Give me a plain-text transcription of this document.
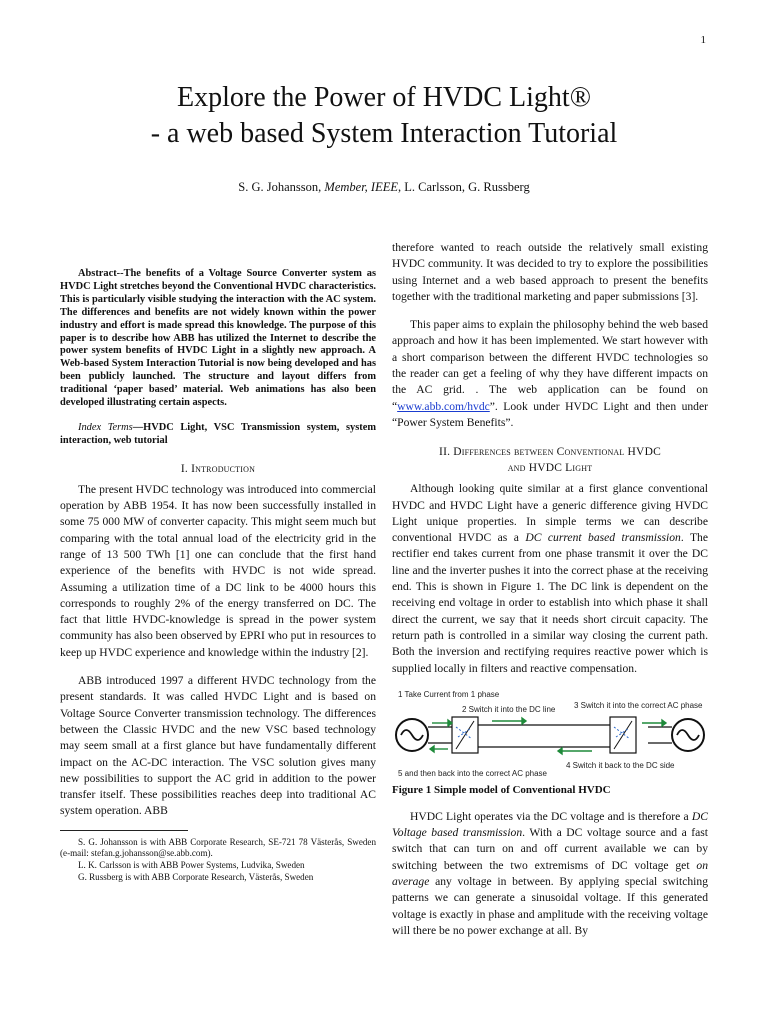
1
Explore the Power of HVDC Light®
- a web based System Interaction Tutorial
S. G. Johansson, Member, IEEE, L. Carlsson, G. Russberg

Abstract--The benefits of a Voltage Source Converter system as HVDC Light stretches beyond the Conventional HVDC characteristics. This is particularly visible studying the interaction with the AC system. The differences and benefits are not widely known within the power industry and effort is made spread this knowledge. The purpose of this paper is to describe how ABB has utilized the Internet to describe the power system benefits of HVDC Light in a slightly new approach. A Web-based System Interaction Tutorial is now being developed and has been publicly launched. The structure and layout differs from traditional ‘paper based’ material. Web animations has also been developed illustrating certain aspects.

Index Terms—HVDC Light, VSC Transmission system, system interaction, web tutorial

I. Introduction

The present HVDC technology was introduced into commercial operation by ABB 1954. It has now been successfully installed in some 75 000 MW of converter capacity. This might seem much but comparing with the total annual load of the electricity grid in the range of 13 500 TWh [1] one can conclude that the first hand experience of the benefits with HVDC is not wide spread. Assuming a utilization time of a DC link to be 4000 hours this corresponds to roughly 2% of the energy transferred on DC. The fact that little HVDC-knowledge is spread in the power system community has also been observed by EPRI who put in resources to keep up HVDC experience and knowledge within the industry [2].

ABB introduced 1997 a different HVDC technology from the present standards. It was called HVDC Light and is based on Voltage Source Converter transmission technology. The differences between the Classic HVDC and the new VSC based technology may seem small at a first glance but have fundamentally different impact on the AC-DC interaction. The VSC solution gives many new possibilities to support the AC grid in addition to the power transfer itself. These possibilities reaches deep into traditional AC system operation. ABB

S. G. Johansson is with ABB Corporate Research, SE-721 78 Västerås, Sweden (e-mail: stefan.g.johansson@se.abb.com).

L. K. Carlsson is with ABB Power Systems, Ludvika, Sweden

G. Russberg is with ABB Corporate Research, Västerås, Sweden

therefore wanted to reach outside the relatively small existing HVDC community. It was decided to try to explore the possibilities using Internet and a web based approach to present the benefits together with the traditional marketing and paper submissions [3].

This paper aims to explain the philosophy behind the web based approach and how it has been implemented. We start however with a short comparison between the different HVDC technologies so the reader can get a feeling of why they have different impacts on the AC grid. . The web application can be found on “www.abb.com/hvdc”. Look under HVDC Light and then under “Power System Benefits”.

II. Differences between Conventional HVDC
and HVDC Light

Although looking quite similar at a first glance conventional HVDC and HVDC Light have a generic difference giving HVDC Light unique properties. In simple terms we can describe conventional HVDC as a DC current based transmission. The rectifier end takes current from one phase transmit it over the DC line and the inverter pushes it into the correct phase at the receiving end. This is shown in Figure 1. The DC link is dependent on the receiving end voltage in order to establish into which phase it shall direct the current, we say that it needs short circuit capacity. The return path is controlled in a similar way closing the current path. Both the inversion and rectifying requires reactive power which is supplied locally in filters and reactive compensation.

1 Take Current from 1 phase
2 Switch it into the DC line 3 Switch it into the correct AC phase
4 Switch it back to the DC side
5 and then back into the correct AC phase
Figure 1 Simple model of Conventional HVDC

HVDC Light operates via the DC voltage and is therefore a DC Voltage based transmission. With a DC voltage source and a fast switch that can turn on and off current available we can by switching between the two extremisms of DC voltage get on average any voltage in between. By applying special switching patterns we can generate a sinusoidal voltage. If this generated voltage is exactly in phase and amplitude with the receiving voltage will there be no power exchange at all. By
